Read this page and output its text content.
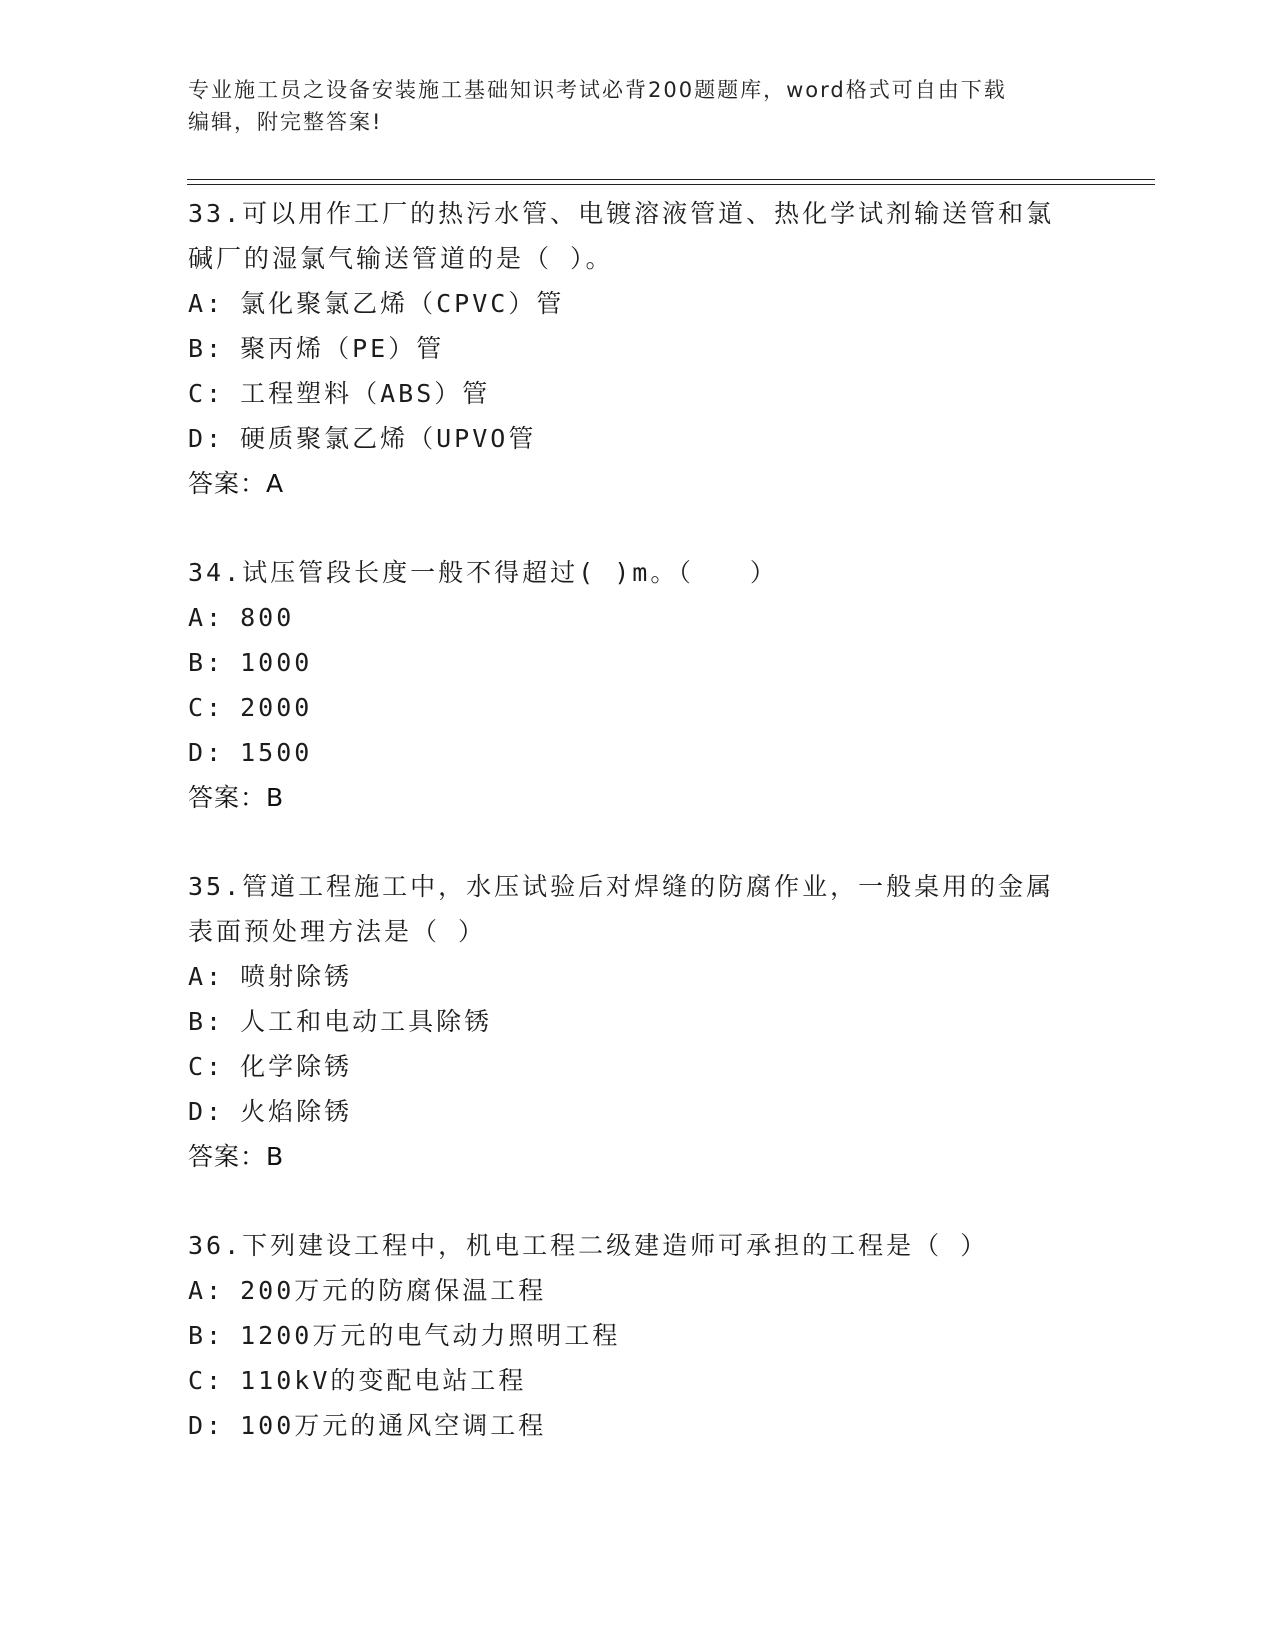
专业施工员之设备安装施工基础知识考试必背200题题库，word格式可自由下载
编辑，附完整答案!

33.可以用作工厂的热污水管、电镀溶液管道、热化学试剂输送管和氯

碱厂的湿氯气输送管道的是（ ）。

A: 氯化聚氯乙烯（CPVC）管

B: 聚丙烯（PE）管

C: 工程塑料（ABS）管

D: 硬质聚氯乙烯（UPVO管

答案：A

34.试压管段长度一般不得超过( )m。（　　）

A: 800

B: 1000

C: 2000

D: 1500

答案：B

35.管道工程施工中，水压试验后对焊缝的防腐作业，一般桌用的金属

表面预处理方法是（ ）

A: 喷射除锈

B: 人工和电动工具除锈

C: 化学除锈

D: 火焰除锈

答案：B

36.下列建设工程中，机电工程二级建造师可承担的工程是（ ）

A: 200万元的防腐保温工程

B: 1200万元的电气动力照明工程

C: 110kV的变配电站工程

D: 100万元的通风空调工程
